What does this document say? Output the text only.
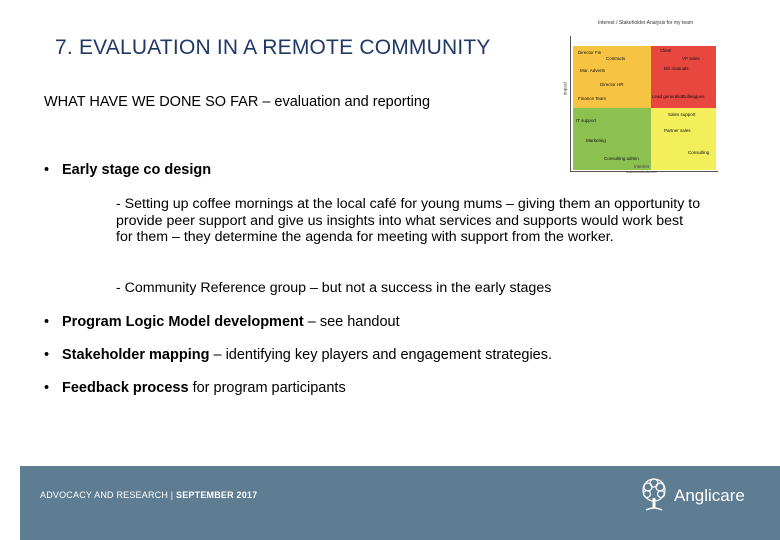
7. EVALUATION IN A REMOTE COMMUNITY
WHAT HAVE WE DONE SO FAR – evaluation and reporting
Interest / Stakeholder Analysis for my team
Impact
Interest
www.mindtools.com
Director Fin
Contracts
Client
VP sales
Mar. Adverts	Biz manuals
Director HR
Finance Team	Lead generation
Sales support
IT support
Partner sales
Marketing
Consulting
Consulting admin
Colleagues
• Early stage co design
- Setting up coffee mornings at the local café for young mums – giving them an opportunity to provide peer support and give us insights into what services and supports would work best for them – they determine the agenda for meeting with support from the worker.
- Community Reference group – but not a success in the early stages
• Program Logic Model development – see handout
• Stakeholder mapping – identifying key players and engagement strategies.
• Feedback process for program participants
ADVOCACY AND RESEARCH | SEPTEMBER 2017	Anglicare
